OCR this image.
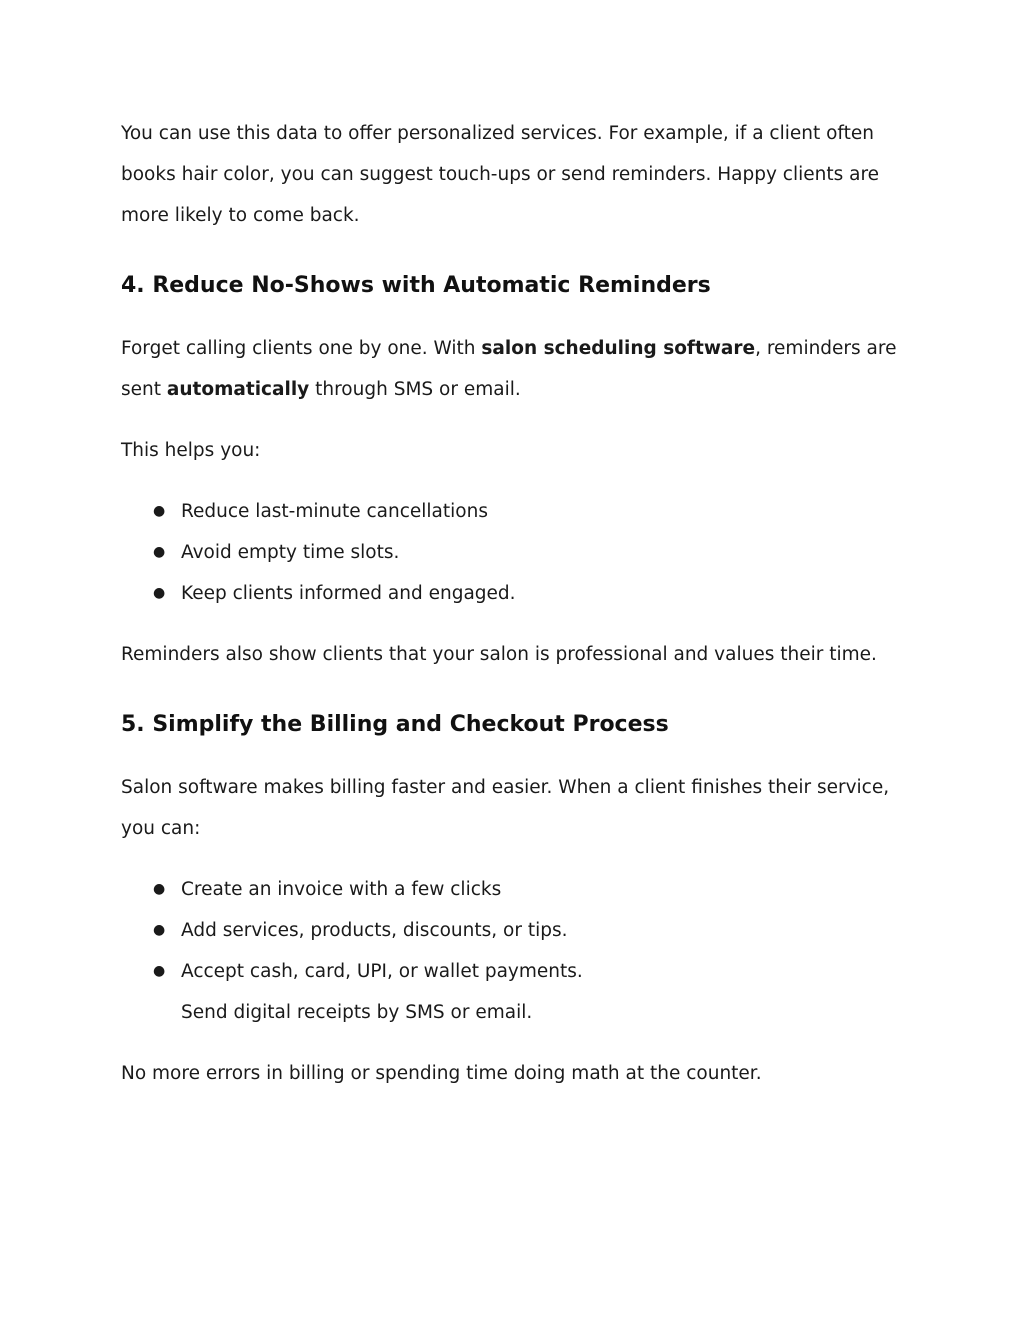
You can use this data to offer personalized services. For example, if a client often books hair color, you can suggest touch-ups or send reminders. Happy clients are more likely to come back.

4. Reduce No-Shows with Automatic Reminders

Forget calling clients one by one. With salon scheduling software, reminders are sent automatically through SMS or email.

This helps you:

● Reduce last-minute cancellations
● Avoid empty time slots.
● Keep clients informed and engaged.

Reminders also show clients that your salon is professional and values their time.

5. Simplify the Billing and Checkout Process

Salon software makes billing faster and easier. When a client finishes their service, you can:

● Create an invoice with a few clicks
● Add services, products, discounts, or tips.
● Accept cash, card, UPI, or wallet payments.
Send digital receipts by SMS or email.

No more errors in billing or spending time doing math at the counter.
